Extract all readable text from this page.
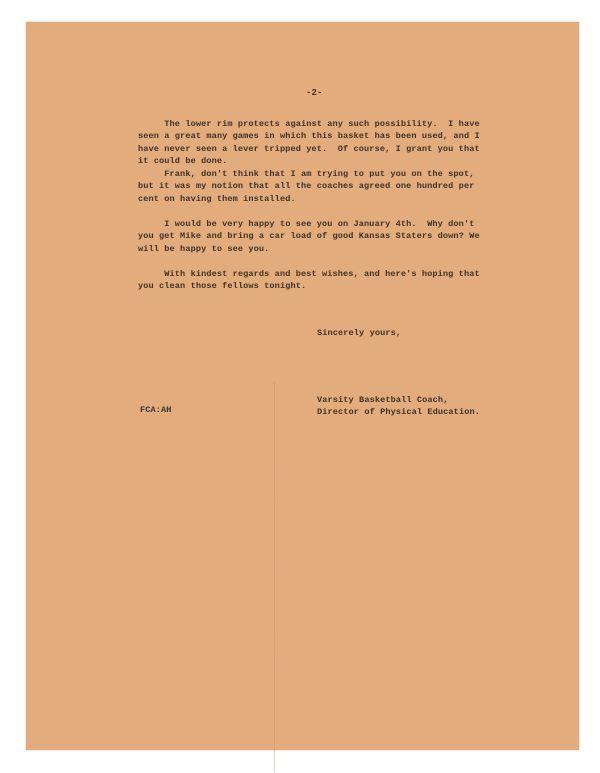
-2-
The lower rim protects against any such possibility.  I have
seen a great many games in which this basket has been used, and I
have never seen a lever tripped yet.  Of course, I grant you that
it could be done.
Frank, don't think that I am trying to put you on the spot,
but it was my notion that all the coaches agreed one hundred per
cent on having them installed.
I would be very happy to see you on January 4th.  Why don't
you get Mike and bring a car load of good Kansas Staters down? We
will be happy to see you.
With kindest regards and best wishes, and here's hoping that
you clean those fellows tonight.
Sincerely yours,
Varsity Basketball Coach,
Director of Physical Education.
FCA:AH
